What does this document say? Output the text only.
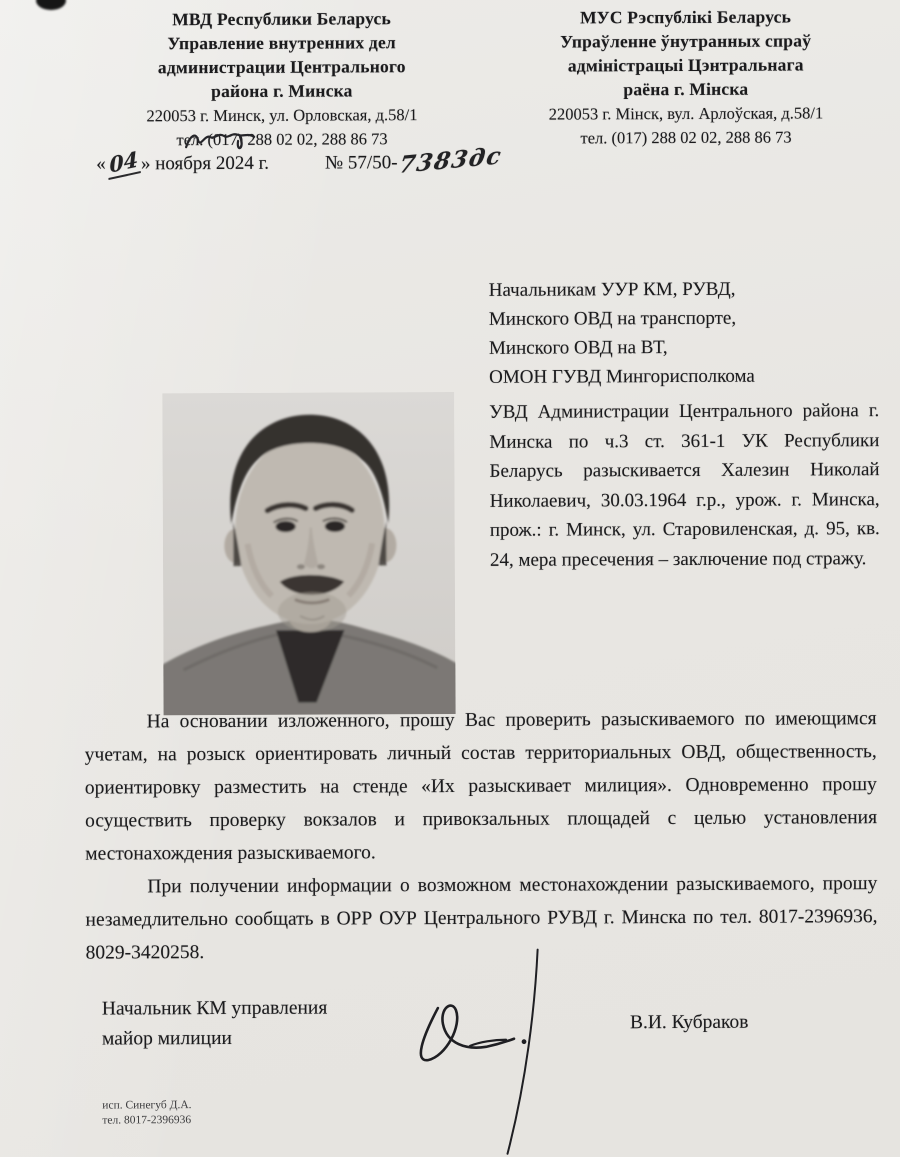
МВД Республики Беларусь
Управление внутренних дел
администрации Центрального
района г. Минска
220053 г. Минск, ул. Орловская, д.58/1
тел. (017) 288 02 02, 288 86 73
МУС Рэспублікі Беларусь
Упраўленне ўнутранных спраў
адміністрацыі Цэнтральнага
раёна г. Мінска
220053 г. Мінск, вул. Арлоўская, д.58/1
тел. (017) 288 02 02, 288 86 73
« 04 » ноября 2024 г.	№ 57/50-7383дс
Начальникам УУР КМ, РУВД,
Минского ОВД на транспорте,
Минского ОВД на ВТ,
ОМОН ГУВД Мингорисполкома
УВД Администрации Центрального района г. Минска по ч.3 ст. 361-1 УК Республики Беларусь разыскивается Халезин Николай Николаевич, 30.03.1964 г.р., урож. г. Минска, прож.: г. Минск, ул. Старовиленская, д. 95, кв. 24, мера пресечения – заключение под стражу.

На основании изложенного, прошу Вас проверить разыскиваемого по имеющимся учетам, на розыск ориентировать личный состав территориальных ОВД, общественность, ориентировку разместить на стенде «Их разыскивает милиция». Одновременно прошу осуществить проверку вокзалов и привокзальных площадей с целью установления местонахождения разыскиваемого.

При получении информации о возможном местонахождении разыскиваемого, прошу незамедлительно сообщать в ОРР ОУР Центрального РУВД г. Минска по тел. 8017-2396936, 8029-3420258.

Начальник КМ управления
майор милиции
В.И. Кубраков
исп. Синегуб Д.А.
тел. 8017-2396936
